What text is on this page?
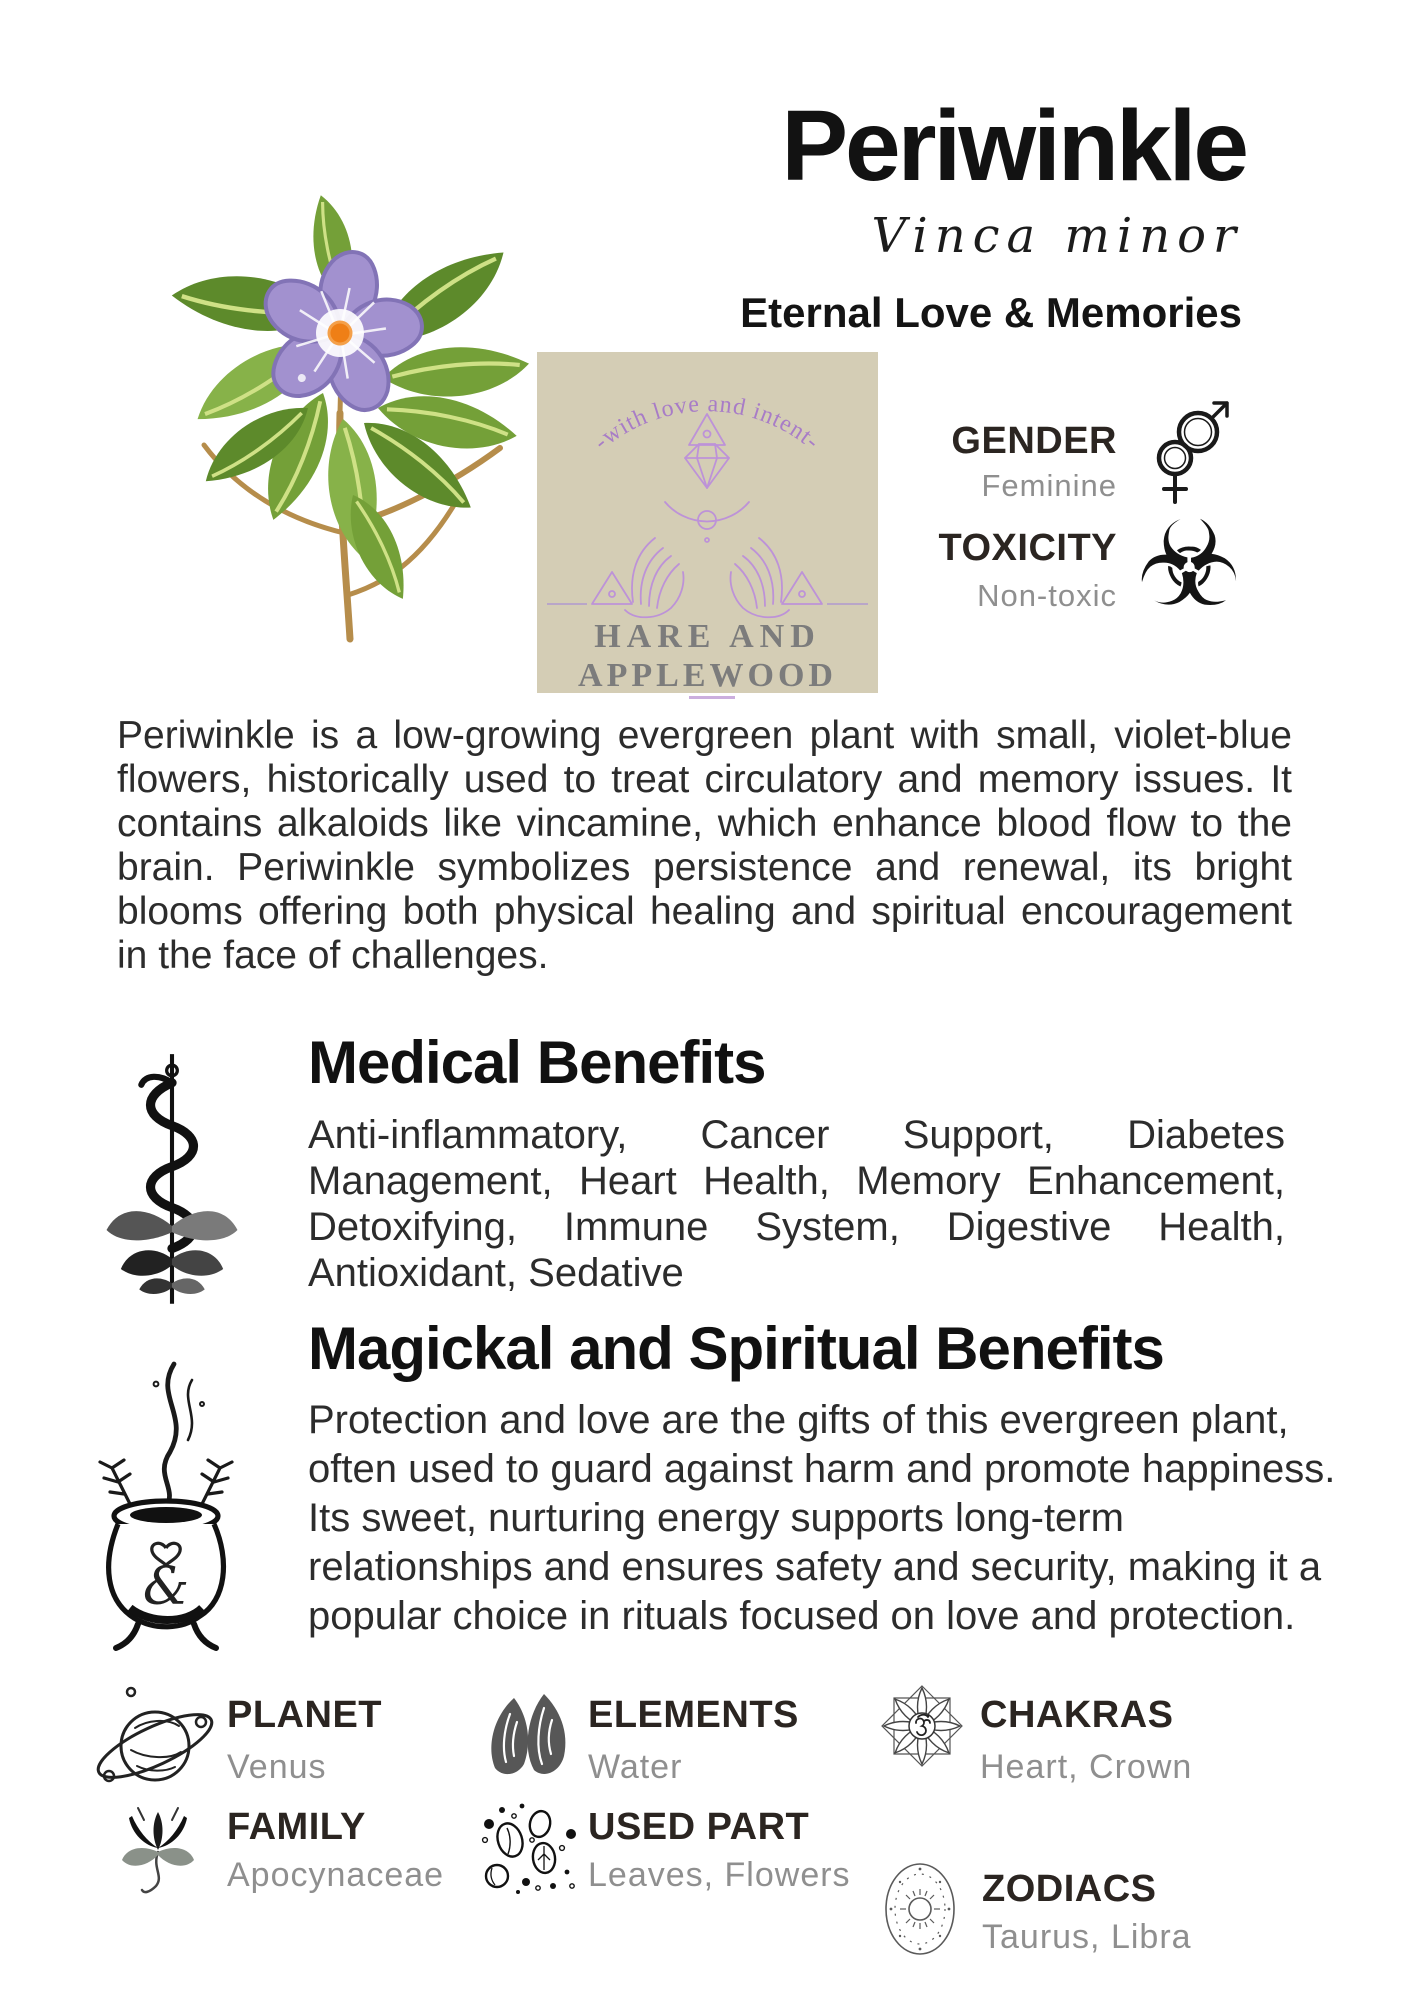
Periwinkle
Vinca minor
Eternal Love & Memories
-with love and intent-
HARE AND
APPLEWOOD
GENDER
Feminine
TOXICITY
Non-toxic ☣
Periwinkle is a low-growing evergreen plant with small, violet-blue flowers, historically used to treat circulatory and memory issues. It contains alkaloids like vincamine, which enhance blood flow to the brain. Periwinkle symbolizes persistence and renewal, its bright blooms offering both physical healing and spiritual encouragement in the face of challenges.
Medical Benefits
Anti-inflammatory, Cancer Support, Diabetes Management, Heart Health, Memory Enhancement, Detoxifying, Immune System, Digestive Health, Antioxidant, Sedative
&
Magickal and Spiritual Benefits
Protection and love are the gifts of this evergreen plant, often used to guard against harm and promote happiness. Its sweet, nurturing energy supports long-term relationships and ensures safety and security, making it a popular choice in rituals focused on love and protection.
PLANET
Venus
ELEMENTS
Water
CHAKRAS
Heart, Crown
FAMILY
Apocynaceae
USED PART
Leaves, Flowers	ZODIACS
Taurus, Libra
